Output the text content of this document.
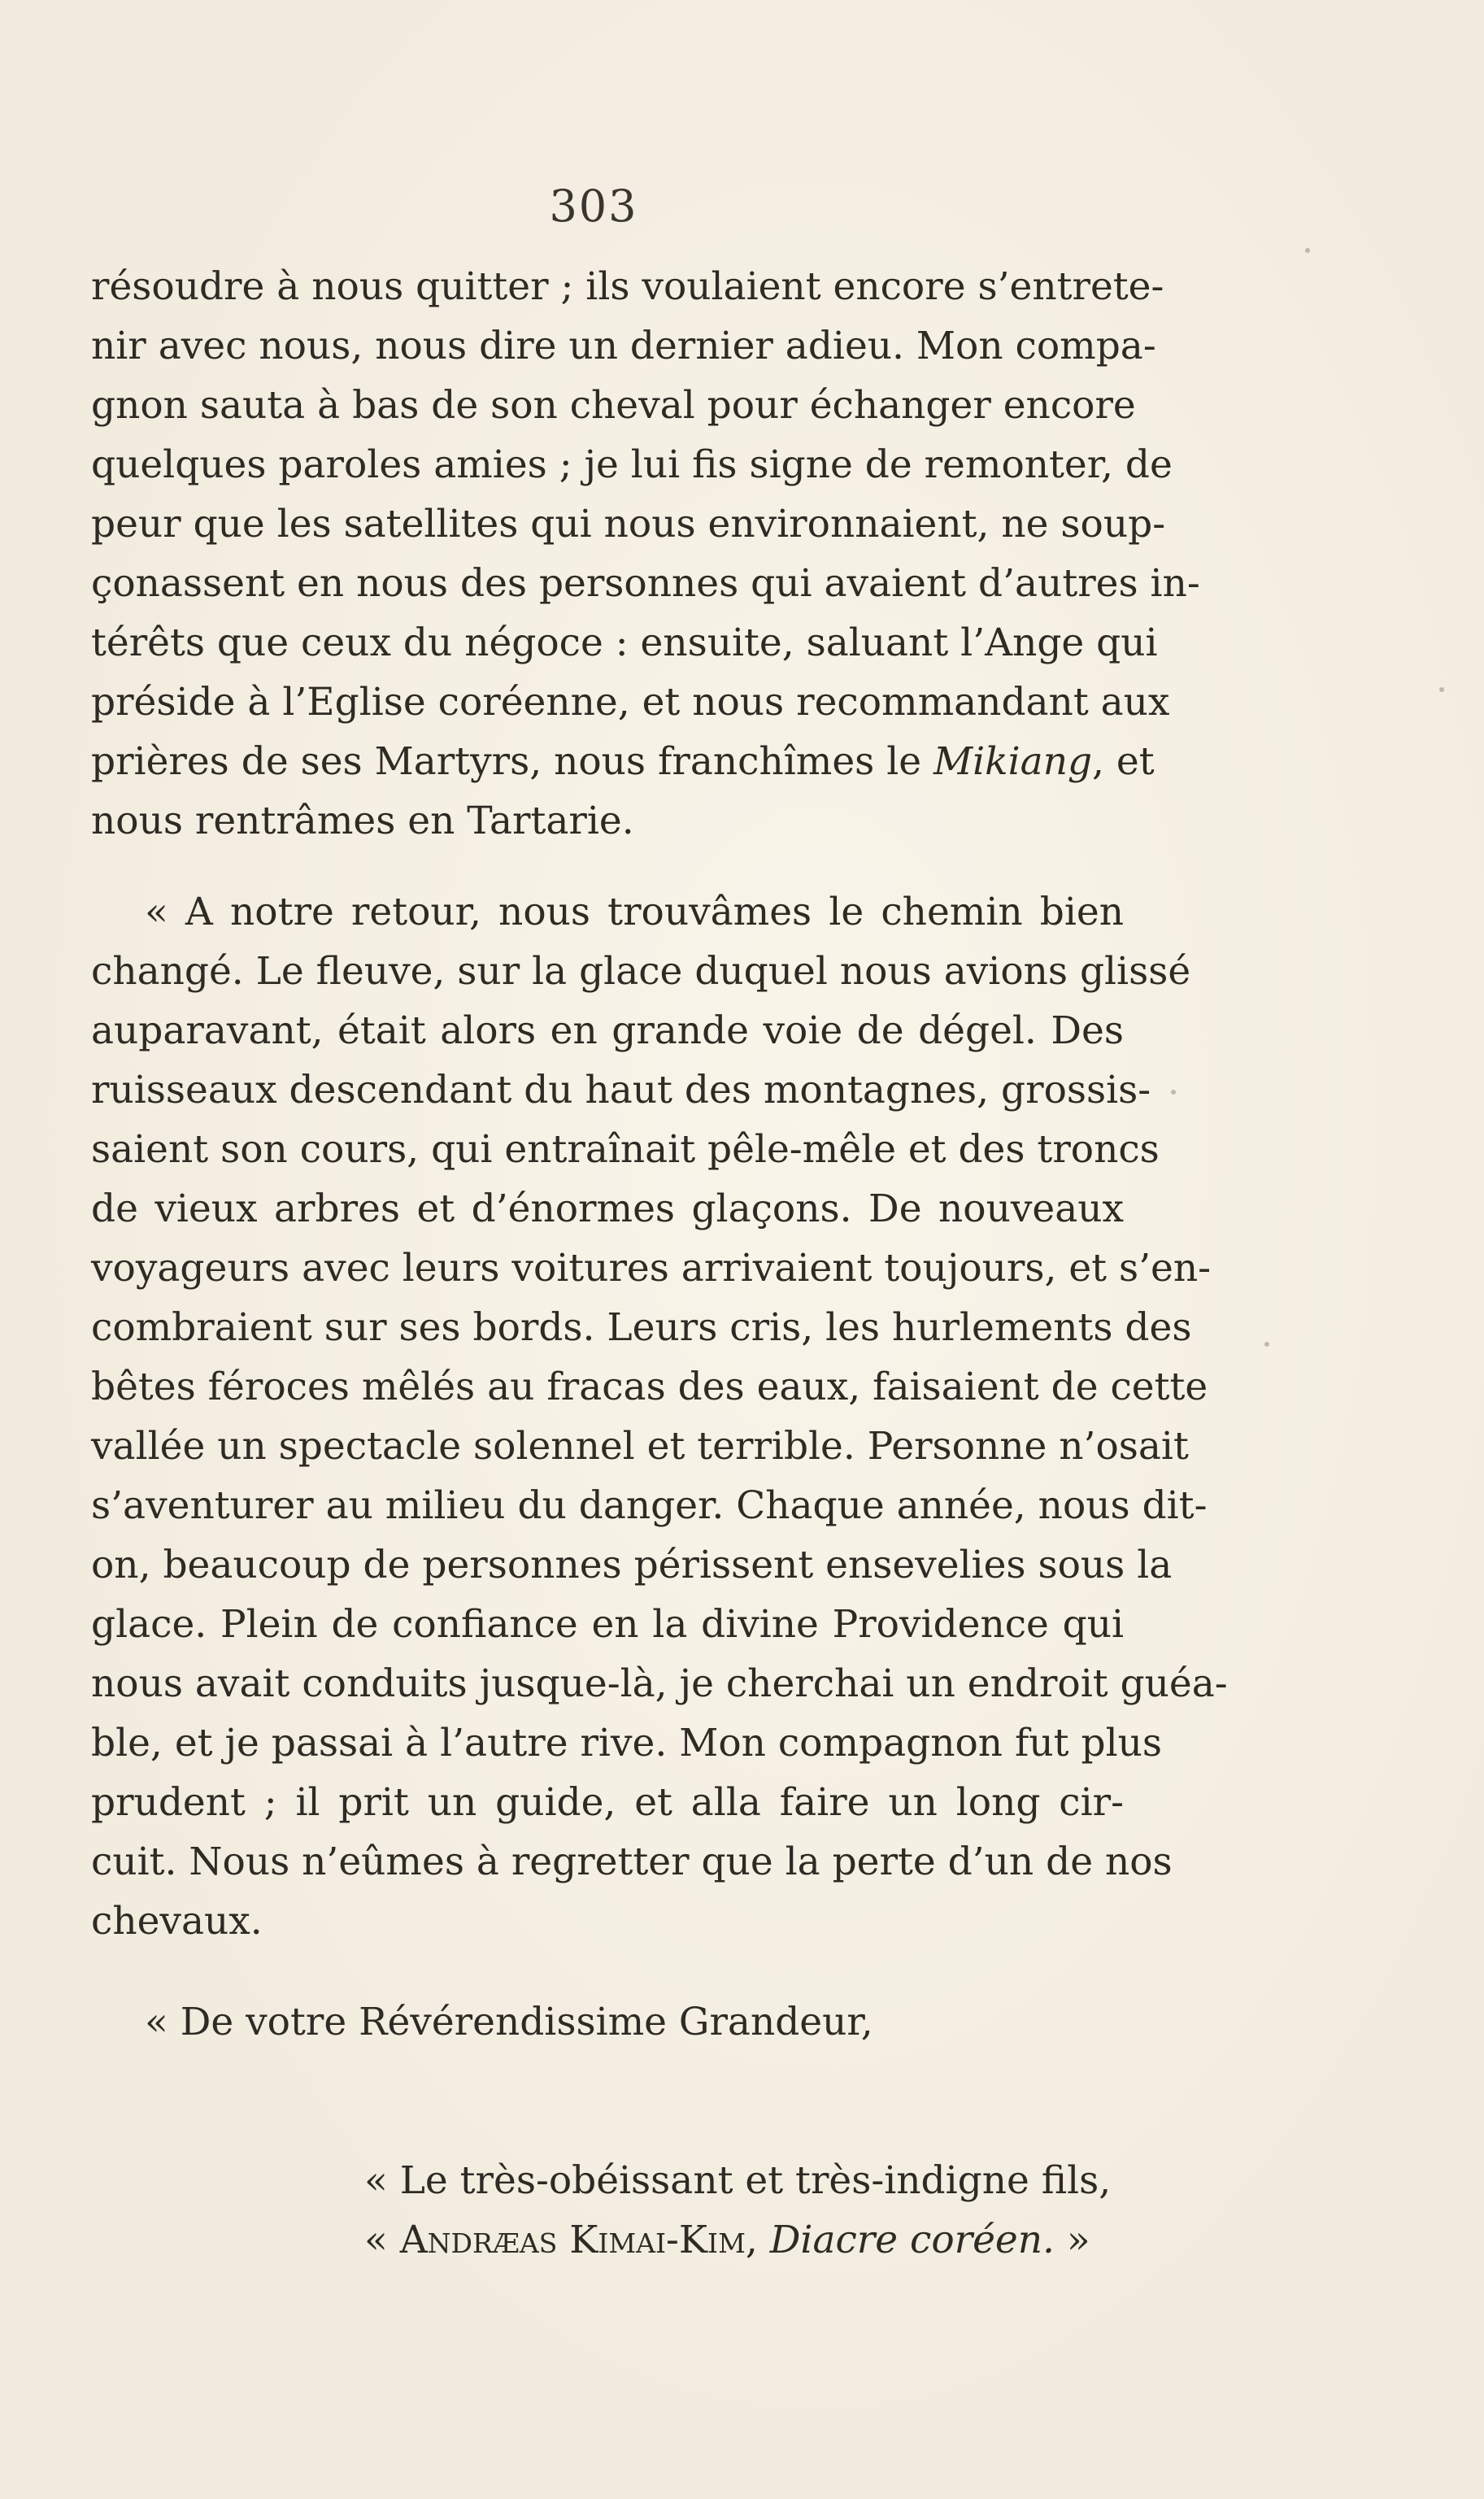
303
résoudre à nous quitter ; ils voulaient encore s’entrete-
nir avec nous, nous dire un dernier adieu. Mon compa-
gnon sauta à bas de son cheval pour échanger encore
quelques paroles amies ; je lui fis signe de remonter, de
peur que les satellites qui nous environnaient, ne soup-
çonassent en nous des personnes qui avaient d’autres in-
térêts que ceux du négoce : ensuite, saluant l’Ange qui
préside à l’Eglise coréenne, et nous recommandant aux
prières de ses Martyrs, nous franchîmes le Mikiang, et
nous rentrâmes en Tartarie.
« A notre retour, nous trouvâmes le chemin bien
changé. Le fleuve, sur la glace duquel nous avions glissé
auparavant, était alors en grande voie de dégel. Des
ruisseaux descendant du haut des montagnes, grossis-
saient son cours, qui entraînait pêle-mêle et des troncs
de vieux arbres et d’énormes glaçons. De nouveaux
voyageurs avec leurs voitures arrivaient toujours, et s’en-
combraient sur ses bords. Leurs cris, les hurlements des
bêtes féroces mêlés au fracas des eaux, faisaient de cette
vallée un spectacle solennel et terrible. Personne n’osait
s’aventurer au milieu du danger. Chaque année, nous dit-
on, beaucoup de personnes périssent ensevelies sous la
glace. Plein de confiance en la divine Providence qui
nous avait conduits jusque-là, je cherchai un endroit guéa-
ble, et je passai à l’autre rive. Mon compagnon fut plus
prudent ; il prit un guide, et alla faire un long cir-
cuit. Nous n’eûmes à regretter que la perte d’un de nos
chevaux.
« De votre Révérendissime Grandeur,
« Le très-obéissant et très-indigne fils,
« Andræas Kimai-Kim, Diacre coréen. »
